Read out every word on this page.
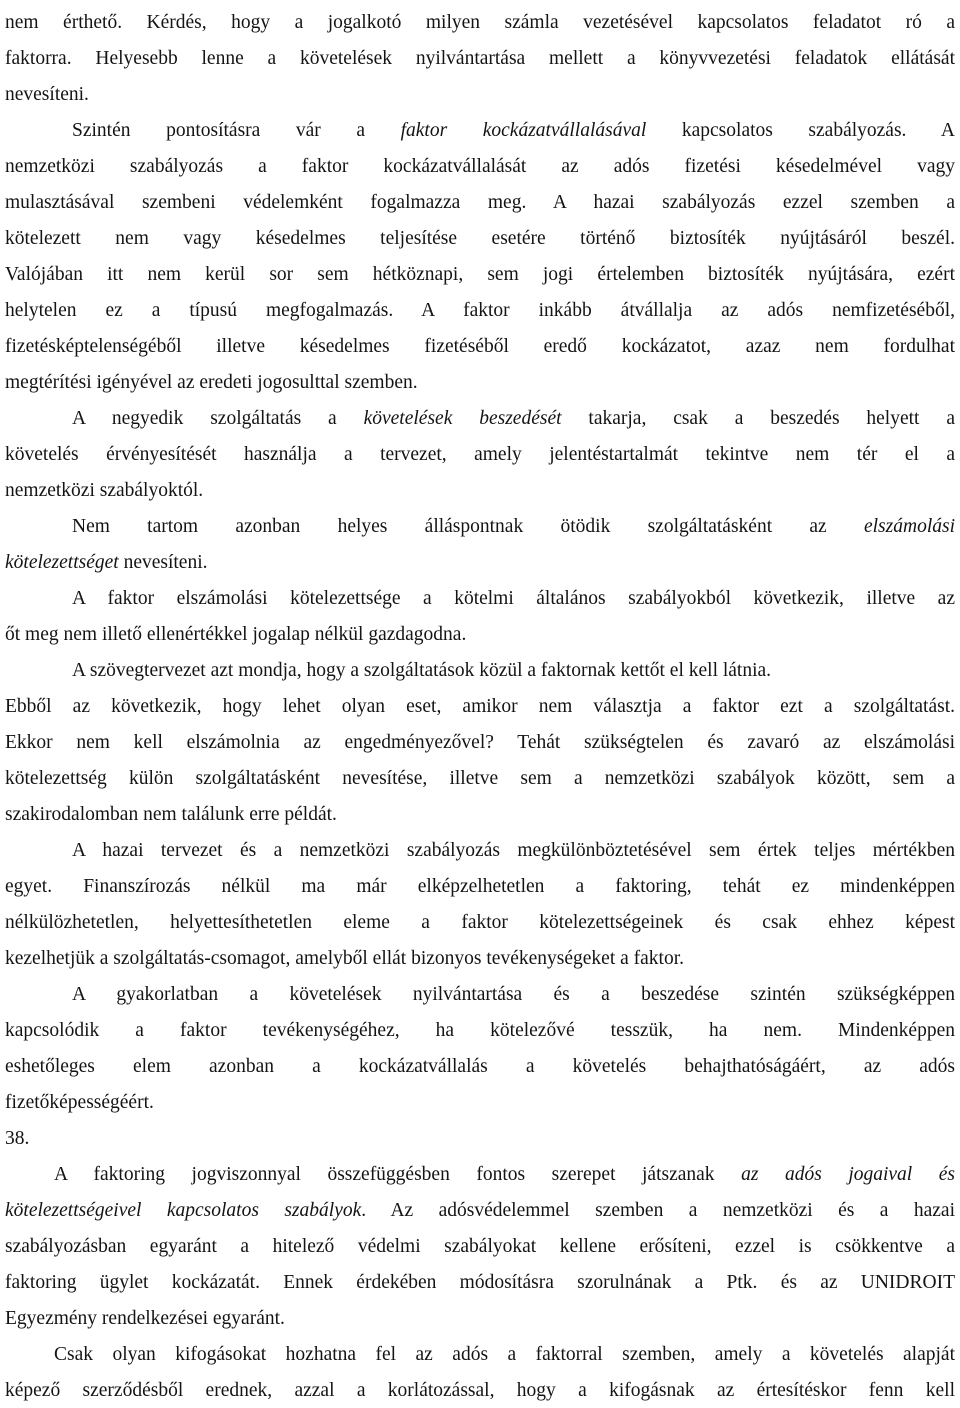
nem érthető. Kérdés, hogy a jogalkotó milyen számla vezetésével kapcsolatos feladatot ró a
faktorra. Helyesebb lenne a követelések nyilvántartása mellett a könyvvezetési feladatok ellátását
nevesíteni.
Szintén pontosításra vár a faktor kockázatvállalásával kapcsolatos szabályozás. A
nemzetközi szabályozás a faktor kockázatvállalását az adós fizetési késedelmével vagy
mulasztásával szembeni védelemként fogalmazza meg. A hazai szabályozás ezzel szemben a
kötelezett nem vagy késedelmes teljesítése esetére történő biztosíték nyújtásáról beszél.
Valójában itt nem kerül sor sem hétköznapi, sem jogi értelemben biztosíték nyújtására, ezért
helytelen ez a típusú megfogalmazás. A faktor inkább átvállalja az adós nemfizetéséből,
fizetésképtelenségéből illetve késedelmes fizetéséből eredő kockázatot, azaz nem fordulhat
megtérítési igényével az eredeti jogosulttal szemben.
A negyedik szolgáltatás a követelések beszedését takarja, csak a beszedés helyett a
követelés érvényesítését használja a tervezet, amely jelentéstartalmát tekintve nem tér el a
nemzetközi szabályoktól.
Nem tartom azonban helyes álláspontnak ötödik szolgáltatásként az elszámolási
kötelezettséget nevesíteni.
A faktor elszámolási kötelezettsége a kötelmi általános szabályokból következik, illetve az
őt meg nem illető ellenértékkel jogalap nélkül gazdagodna.
A szövegtervezet azt mondja, hogy a szolgáltatások közül a faktornak kettőt el kell látnia.
Ebből az következik, hogy lehet olyan eset, amikor nem választja a faktor ezt a szolgáltatást.
Ekkor nem kell elszámolnia az engedményezővel? Tehát szükségtelen és zavaró az elszámolási
kötelezettség külön szolgáltatásként nevesítése, illetve sem a nemzetközi szabályok között, sem a
szakirodalomban nem találunk erre példát.
A hazai tervezet és a nemzetközi szabályozás megkülönböztetésével sem értek teljes mértékben
egyet. Finanszírozás nélkül ma már elképzelhetetlen a faktoring, tehát ez mindenképpen
nélkülözhetetlen, helyettesíthetetlen eleme a faktor kötelezettségeinek és csak ehhez képest
kezelhetjük a szolgáltatás-csomagot, amelyből ellát bizonyos tevékenységeket a faktor.
A gyakorlatban a követelések nyilvántartása és a beszedése szintén szükségképpen
kapcsolódik a faktor tevékenységéhez, ha kötelezővé tesszük, ha nem. Mindenképpen
eshetőleges elem azonban a kockázatvállalás a követelés behajthatóságáért, az adós
fizetőképességéért.
38.
A faktoring jogviszonnyal összefüggésben fontos szerepet játszanak az adós jogaival és
kötelezettségeivel kapcsolatos szabályok. Az adósvédelemmel szemben a nemzetközi és a hazai
szabályozásban egyaránt a hitelező védelmi szabályokat kellene erősíteni, ezzel is csökkentve a
faktoring ügylet kockázatát. Ennek érdekében módosításra szorulnának a Ptk. és az UNIDROIT
Egyezmény rendelkezései egyaránt.
Csak olyan kifogásokat hozhatna fel az adós a faktorral szemben, amely a követelés alapját
képező szerződésből erednek, azzal a korlátozással, hogy a kifogásnak az értesítéskor fenn kell
